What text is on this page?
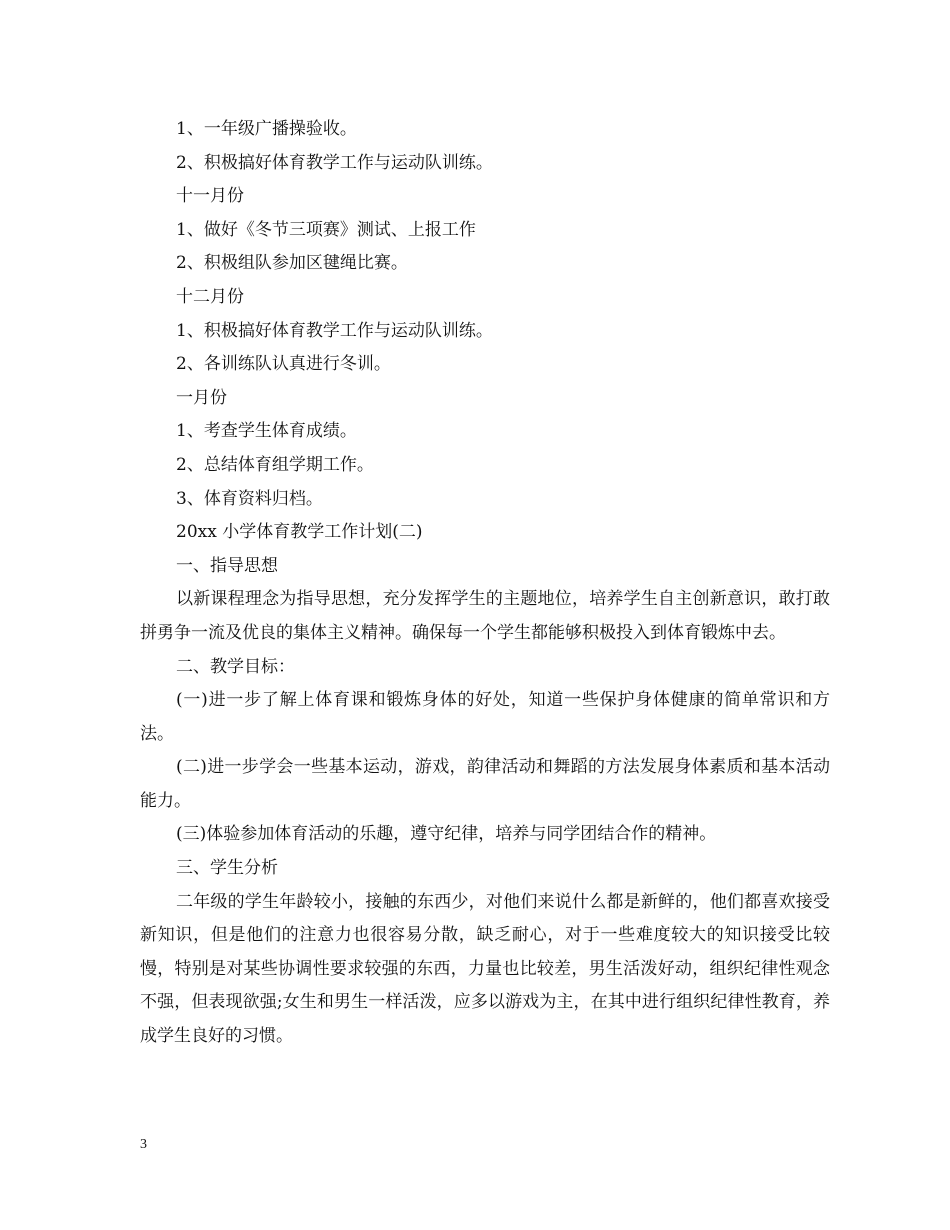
1、一年级广播操验收。

2、积极搞好体育教学工作与运动队训练。

十一月份

1、做好《冬节三项赛》测试、上报工作

2、积极组队参加区毽绳比赛。

十二月份

1、积极搞好体育教学工作与运动队训练。

2、各训练队认真进行冬训。

一月份

1、考查学生体育成绩。

2、总结体育组学期工作。

3、体育资料归档。

20xx 小学体育教学工作计划(二)

一、指导思想

以新课程理念为指导思想，充分发挥学生的主题地位，培养学生自主创新意识，敢打敢拼勇争一流及优良的集体主义精神。确保每一个学生都能够积极投入到体育锻炼中去。

二、教学目标：

(一)进一步了解上体育课和锻炼身体的好处，知道一些保护身体健康的简单常识和方法。

(二)进一步学会一些基本运动，游戏，韵律活动和舞蹈的方法发展身体素质和基本活动能力。

(三)体验参加体育活动的乐趣，遵守纪律，培养与同学团结合作的精神。

三、学生分析

二年级的学生年龄较小，接触的东西少，对他们来说什么都是新鲜的，他们都喜欢接受新知识，但是他们的注意力也很容易分散，缺乏耐心，对于一些难度较大的知识接受比较慢，特别是对某些协调性要求较强的东西，力量也比较差，男生活泼好动，组织纪律性观念不强，但表现欲强;女生和男生一样活泼，应多以游戏为主，在其中进行组织纪律性教育，养成学生良好的习惯。

3
